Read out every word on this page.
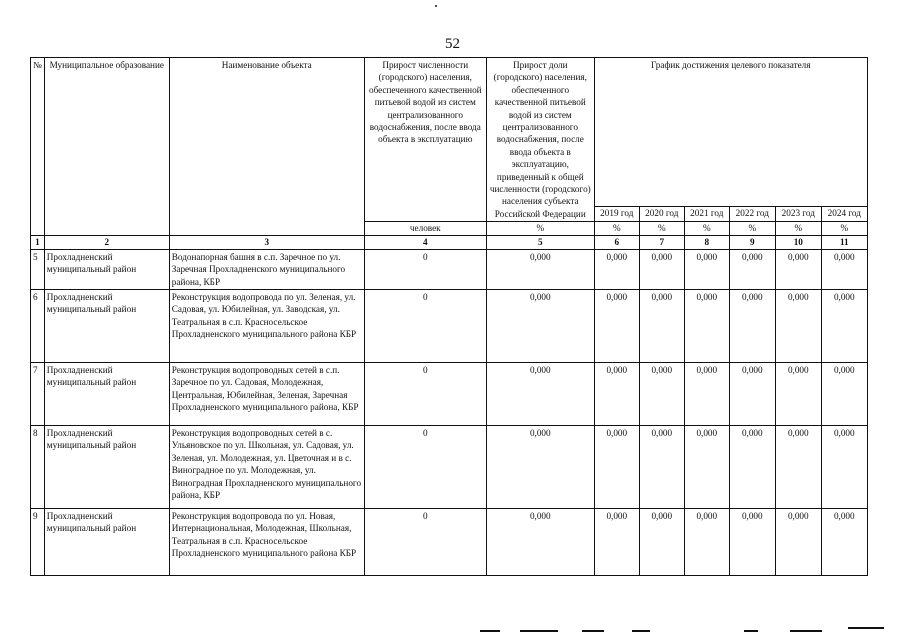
52
№	Муниципальное образование	Наименование объекта	Прирост численности (городского) населения, обеспеченного качественной питьевой водой из систем централизованного водоснабжения, после ввода объекта в эксплуатацию	Прирост доли (городского) населения, обеспеченного качественной питьевой водой из систем централизованного водоснабжения, после ввода объекта в эксплуатацию, приведенный к общей численности (городского) населения субъекта Российской Федерации	График достижения целевого показателя					
					2019 год	2020 год	2021 год	2022 год	2023 год	2024 год
			человек	%	%	%	%	%	%	%
1	2	3	4	5	6	7	8	9	10	11
5	Прохладненский муниципальный район	Водонапорная башня в с.п. Заречное по ул. Заречная Прохладненского муниципального района, КБР	0	0,000	0,000	0,000	0,000	0,000	0,000	0,000
6	Прохладненский муниципальный район	Реконструкция водопровода по ул. Зеленая, ул. Садовая, ул. Юбилейная, ул. Заводская, ул. Театральная в с.п. Красносельское Прохладненского муниципального района КБР	0	0,000	0,000	0,000	0,000	0,000	0,000	0,000
7	Прохладненский муниципальный район	Реконструкция водопроводных сетей в с.п. Заречное по ул. Садовая, Молодежная, Центральная, Юбилейная, Зеленая, Заречная Прохладненского муниципального района, КБР	0	0,000	0,000	0,000	0,000	0,000	0,000	0,000
8	Прохладненский муниципальный район	Реконструкция водопроводных сетей в с. Ульяновское по ул. Школьная, ул. Садовая, ул. Зеленая, ул. Молодежная, ул. Цветочная и в с. Виноградное по ул. Молодежная, ул. Виноградная Прохладненского муниципального района, КБР	0	0,000	0,000	0,000	0,000	0,000	0,000	0,000
9	Прохладненский муниципальный район	Реконструкция водопровода по ул. Новая, Интернациональная, Молодежная, Школьная, Театральная в с.п. Красносельское Прохладненского муниципального района КБР	0	0,000	0,000	0,000	0,000	0,000	0,000	0,000
